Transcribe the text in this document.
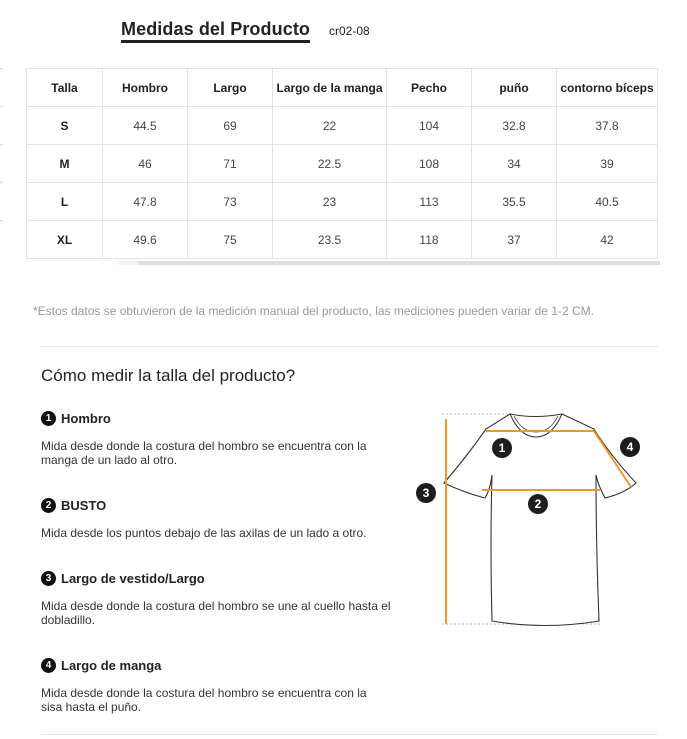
Medidas del Producto cr02-08
Talla	Hombro	Largo	Largo de la manga	Pecho	puño	contorno bíceps
S	44.5	69	22	104	32.8	37.8
M	46	71	22.5	108	34	39
L	47.8	73	23	113	35.5	40.5
XL	49.6	75	23.5	118	37	42

*Estos datos se obtuvieron de la medición manual del producto, las mediciones pueden variar de 1-2 CM.
Cómo medir la talla del producto?
1 Hombro
Mida desde donde la costura del hombro se encuentra con la manga de un lado al otro.
2 BUSTO
Mida desde los puntos debajo de las axilas de un lado a otro.
3 Largo de vestido/Largo
Mida desde donde la costura del hombro se une al cuello hasta el dobladillo.
4 Largo de manga
Mida desde donde la costura del hombro se encuentra con la sisa hasta el puño.
1
2
3
4
